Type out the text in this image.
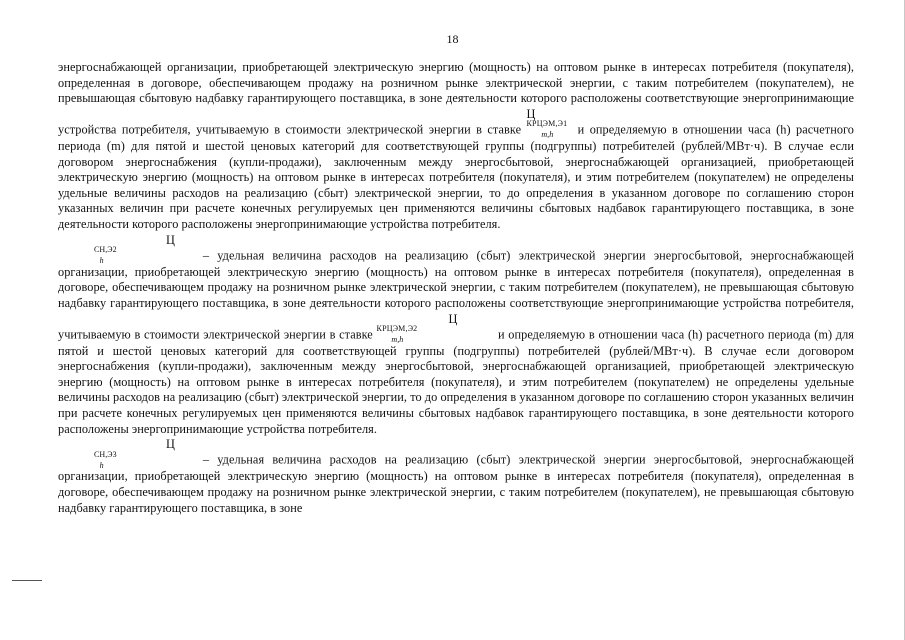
18

энергоснабжающей организации, приобретающей электрическую энергию (мощность) на оптовом рынке в интересах потребителя (покупателя), определенная в договоре, обеспечивающем продажу на розничном рынке электрической энергии, с таким потребителем (покупателем), не превышающая сбытовую надбавку гарантирующего поставщика, в зоне деятельности которого расположены соответствующие энергопринимающие устройства потребителя, учитываемую в стоимости электрической энергии в ставке $Ц^{КРЦЭМ,Э1}_{m,h}$ и определяемую в отношении часа (h) расчетного периода (m) для пятой и шестой ценовых категорий для соответствующей группы (подгруппы) потребителей (рублей/МВт·ч). В случае если договором энергоснабжения (купли-продажи), заключенным между энергосбытовой, энергоснабжающей организацией, приобретающей электрическую энергию (мощность) на оптовом рынке в интересах потребителя (покупателя), и этим потребителем (покупателем) не определены удельные величины расходов на реализацию (сбыт) электрической энергии, то до определения в указанном договоре по соглашению сторон указанных величин при расчете конечных регулируемых цен применяются величины сбытовых надбавок гарантирующего поставщика, в зоне деятельности которого расположены энергопринимающие устройства потребителя.

$Ц^{СН,Э2}_h$	– удельная величина расходов на реализацию (сбыт) электрической энергии энергосбытовой, энергоснабжающей организации, приобретающей электрическую энергию (мощность) на оптовом рынке в интересах потребителя (покупателя), определенная в договоре, обеспечивающем продажу на розничном рынке электрической энергии, с таким потребителем (покупателем), не превышающая сбытовую надбавку гарантирующего поставщика, в зоне деятельности которого расположены соответствующие энергопринимающие устройства потребителя, учитываемую в стоимости электрической энергии в ставке $Ц^{КРЦЭМ,Э2}_{m,h}$	и определяемую в отношении часа (h) расчетного периода (m) для пятой и шестой ценовых категорий для соответствующей группы (подгруппы) потребителей (рублей/МВт·ч). В случае если договором энергоснабжения (купли-продажи), заключенным между энергосбытовой, энергоснабжающей организацией, приобретающей электрическую энергию (мощность) на оптовом рынке в интересах потребителя (покупателя), и этим потребителем (покупателем) не определены удельные величины расходов на реализацию (сбыт) электрической энергии, то до определения в указанном договоре по соглашению сторон указанных величин при расчете конечных регулируемых цен применяются величины сбытовых надбавок гарантирующего поставщика, в зоне деятельности которого расположены энергопринимающие устройства потребителя.

$Ц^{СН,Э3}_h$	– удельная величина расходов на реализацию (сбыт) электрической энергии энергосбытовой, энергоснабжающей организации, приобретающей электрическую энергию (мощность) на оптовом рынке в интересах потребителя (покупателя), определенная в договоре, обеспечивающем продажу на розничном рынке электрической энергии, с таким потребителем (покупателем), не превышающая сбытовую надбавку гарантирующего поставщика, в зоне
